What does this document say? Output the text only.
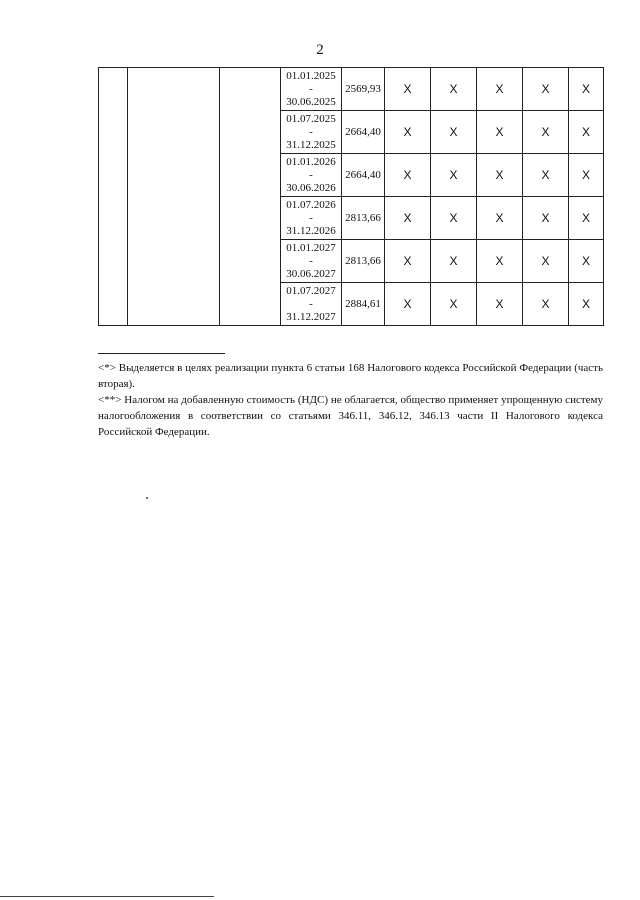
2

			01.01.2025
-
30.06.2025	2569,93	X	X	X	X	X

			01.07.2025
-
31.12.2025	2664,40	X	X	X	X	X

			01.01.2026
-
30.06.2026	2664,40	X	X	X	X	X

			01.07.2026
-
31.12.2026	2813,66	X	X	X	X	X

			01.01.2027
-
30.06.2027	2813,66	X	X	X	X	X

			01.07.2027
-
31.12.2027	2884,61	X	X	X	X	X

<*> Выделяется в целях реализации пункта 6 статьи 168 Налогового кодекса Российской Федерации (часть вторая).

<**> Налогом на добавленную стоимость (НДС) не облагается, общество применяет упрощенную систему налогообложения в соответствии со статьями 346.11, 346.12, 346.13 части II Налогового кодекса Российской Федерации.
